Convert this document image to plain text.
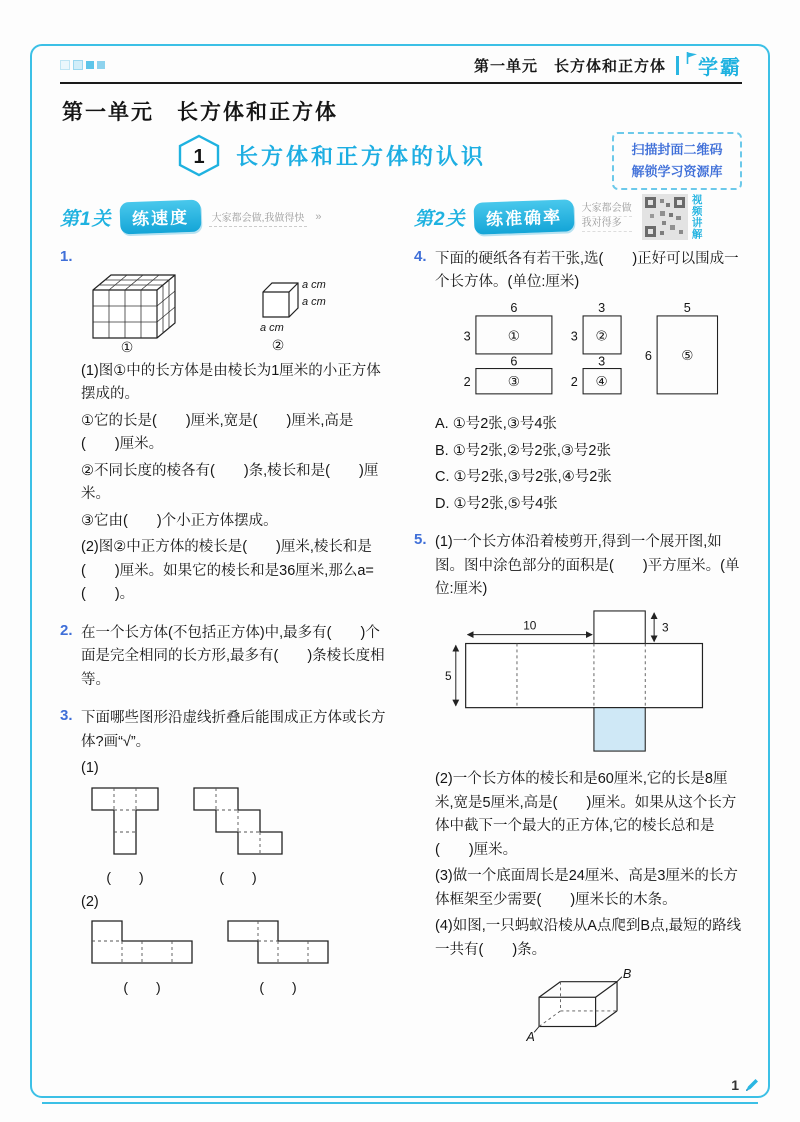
第一单元　长方体和正方体	学霸
第一单元　长方体和正方体
1 长方体和正方体的认识	扫描封面二维码
解锁学习资源库
第1关	练速度	大家都会做,我做得快 »
1.
①
a cm
a cm
a cm
②

(1)图①中的长方体是由棱长为1厘米的小正方体摆成的。

①它的长是(　　)厘米,宽是(　　)厘米,高是(　　)厘米。

②不同长度的棱各有(　　)条,棱长和是(　　)厘米。

③它由(　　)个小正方体摆成。

(2)图②中正方体的棱长是(　　)厘米,棱长和是(　　)厘米。如果它的棱长和是36厘米,那么a=(　　)。

2. 在一个长方体(不包括正方体)中,最多有(　　)个面是完全相同的长方形,最多有(　　)条棱长度相等。

3. 下面哪些图形沿虚线折叠后能围成正方体或长方体?画“√”。

(1)
(　　)	(　　)
(2)
(　　)	(　　)
第2关	练准确率	大家都会做
我对得多	视频讲解
4. 下面的硬纸各有若干张,选(　　)正好可以围成一个长方体。(单位:厘米)

6
3	①
3
3 ②
5
6 ⑤
6
2	③
3
2 ④

A. ①号2张,③号4张

B. ①号2张,②号2张,③号2张

C. ①号2张,③号2张,④号2张

D. ①号2张,⑤号4张

5. (1)一个长方体沿着棱剪开,得到一个展开图,如图。图中涂色部分的面积是(　　)平方厘米。(单位:厘米)

10	3
5

(2)一个长方体的棱长和是60厘米,它的长是8厘米,宽是5厘米,高是(　　)厘米。如果从这个长方体中截下一个最大的正方体,它的棱长总和是(　　)厘米。

(3)做一个底面周长是24厘米、高是3厘米的长方体框架至少需要(　　)厘米长的木条。

(4)如图,一只蚂蚁沿棱从A点爬到B点,最短的路线一共有(　　)条。

A
B
1
